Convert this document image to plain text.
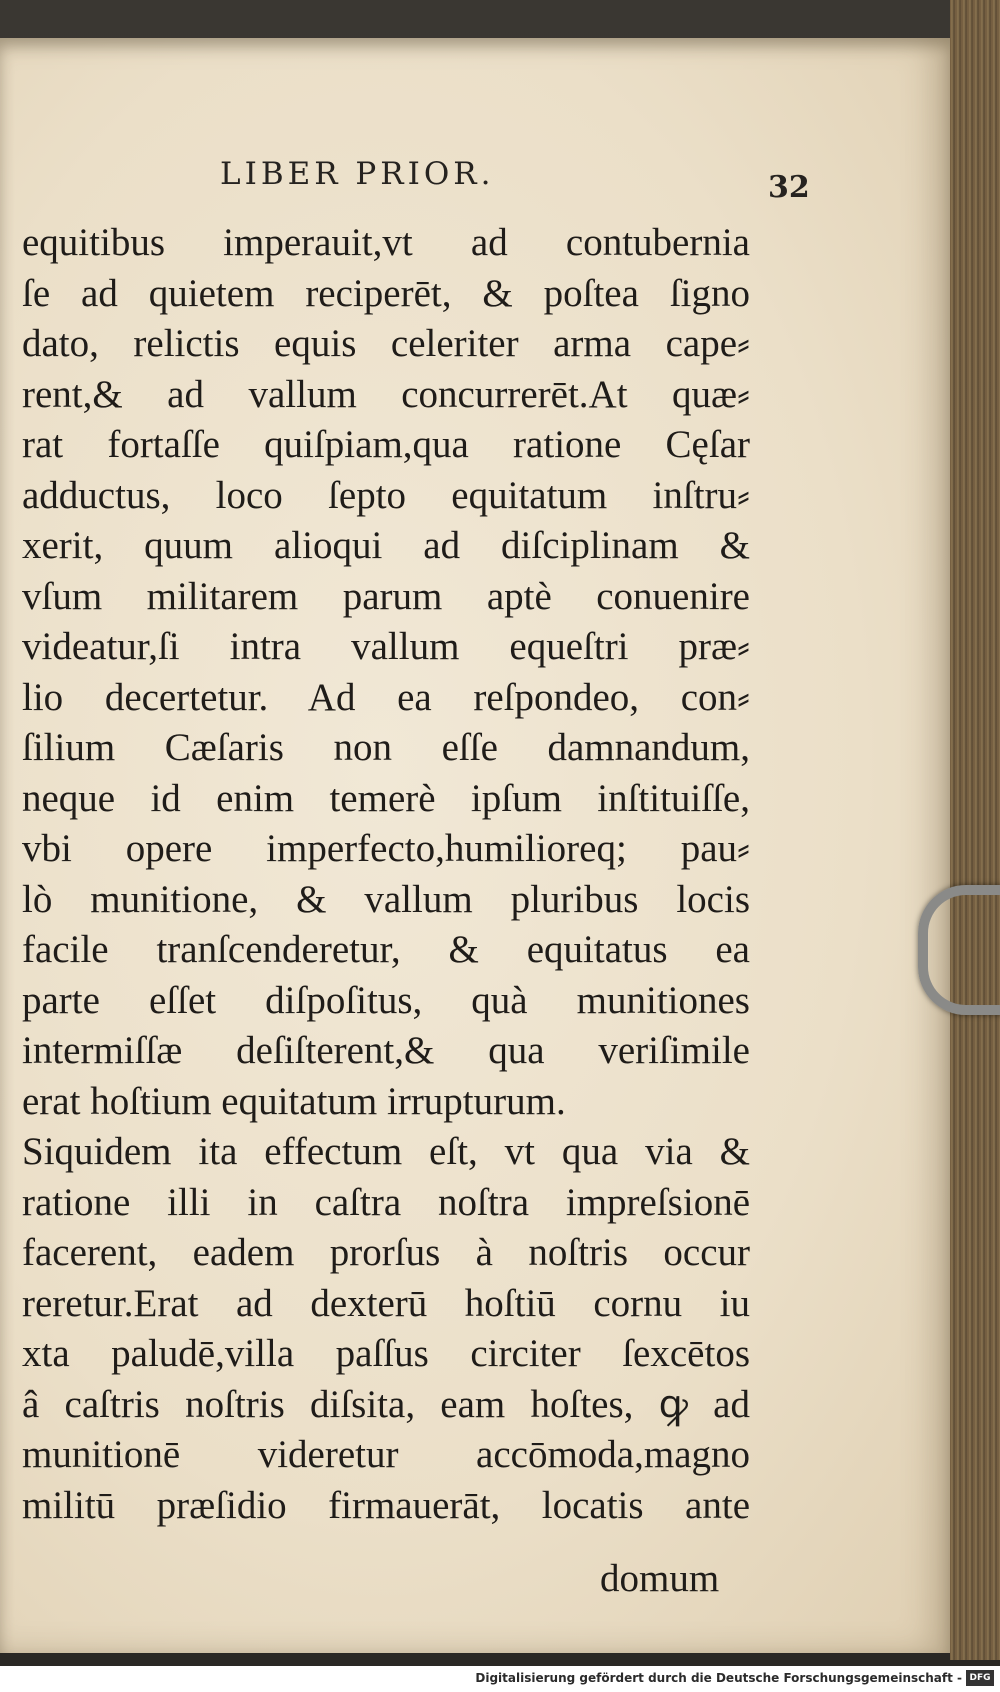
LIBER PRIOR.	32
equitibus imperauit,vt ad contubernia
ſe ad quietem reciperēt, & poſtea ſigno
dato, relictis equis celeriter arma cape⸗
rent,& ad vallum concurrerēt.At quæ⸗
rat fortaſſe quiſpiam,qua ratione Cęſar
adductus, loco ſepto equitatum inſtru⸗
xerit, quum alioqui ad diſciplinam &
vſum militarem parum aptè conuenire
videatur,ſi intra vallum equeſtri præ⸗
lio decertetur. Ad ea reſpondeo, con⸗
ſilium Cæſaris non eſſe damnandum,
neque id enim temerè ipſum inſtituiſſe,
vbi opere imperfecto,humilioreq; pau⸗
lò munitione, & vallum pluribus locis
facile tranſcenderetur, & equitatus ea
parte eſſet diſpoſitus, quà munitiones
intermiſſæ deſiſterent,& qua veriſimile
erat hoſtium equitatum irrupturum.
Siquidem ita effectum eſt, vt qua via &
ratione illi in caſtra noſtra impreſsionē
facerent, eadem prorſus à noſtris occur
reretur.Erat ad dexterū hoſtiū cornu iu
xta paludē,villa paſſus circiter ſexcētos
â caſtris noſtris diſsita, eam hoſtes, ꝙ ad
munitionē videretur accōmoda,magno
militū præſidio firmauerāt, locatis ante
domum
Digitalisierung gefördert durch die Deutsche Forschungsgemeinschaft - DFG
